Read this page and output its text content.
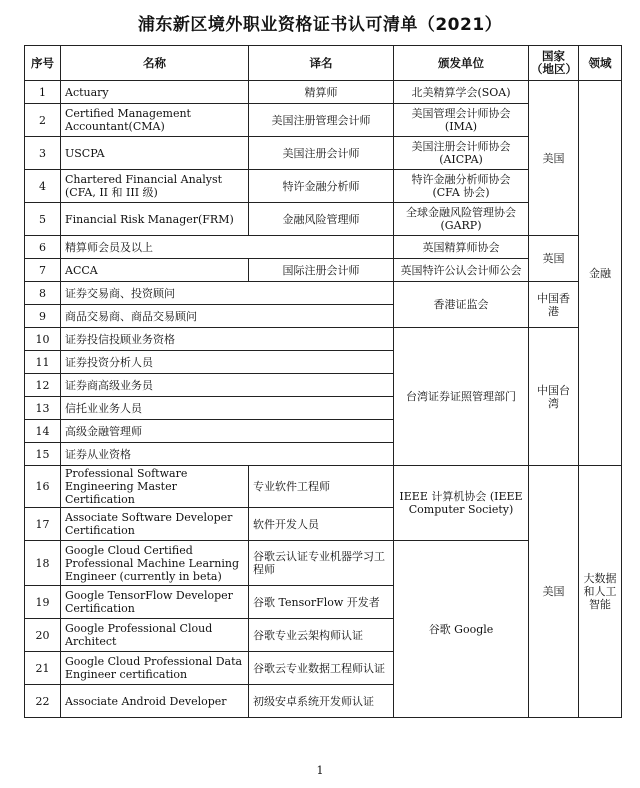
浦东新区境外职业资格证书认可清单（2021）
序号	名称	译名	颁发单位	国家（地区）	领域
1	Actuary	精算师	北美精算学会(SOA)	美国	金融
2	Certified Management Accountant(CMA)	美国注册管理会计师	美国管理会计师协会(IMA)		
3	USCPA	美国注册会计师	美国注册会计师协会(AICPA)		
4	Chartered Financial Analyst (CFA, II 和 III 级)	特许金融分析师	特许金融分析师协会(CFA 协会)		
5	Financial Risk Manager(FRM)	金融风险管理师	全球金融风险管理协会(GARP)		
6	精算师会员及以上		英国精算师协会	英国	
7	ACCA	国际注册会计师	英国特许公认会计师公会		
8	证券交易商、投资顾问		香港证监会	中国香港	
9	商品交易商、商品交易顾问				
10	证券投信投顾业务资格		台湾证券证照管理部门	中国台湾	
11	证券投资分析人员				
12	证券商高级业务员				
13	信托业业务人员				
14	高级金融管理师				
15	证券从业资格				
16	Professional Software Engineering Master Certification	专业软件工程师	IEEE 计算机协会 (IEEE Computer Society)	美国	大数据和人工智能
17	Associate Software Developer Certification	软件开发人员			
18	Google Cloud Certified Professional Machine Learning Engineer (currently in beta)	谷歌云认证专业机器学习工程师	谷歌 Google		
19	Google TensorFlow Developer Certification	谷歌 TensorFlow 开发者			
20	Google Professional Cloud Architect	谷歌专业云架构师认证			
21	Google Cloud Professional Data Engineer certification	谷歌云专业数据工程师认证			
22	Associate Android Developer	初级安卓系统开发师认证			
1
